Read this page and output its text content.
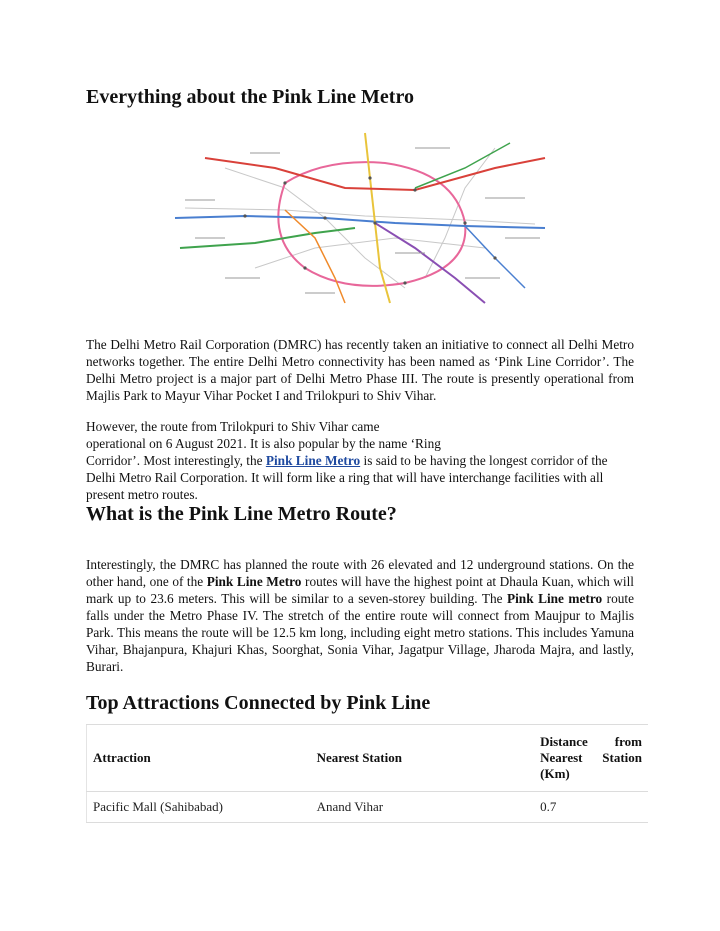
Everything about the Pink Line Metro

The Delhi Metro Rail Corporation (DMRC) has recently taken an initiative to connect all Delhi Metro networks together. The entire Delhi Metro connectivity has been named as ‘Pink Line Corridor’. The Delhi Metro project is a major part of Delhi Metro Phase III. The route is presently operational from Majlis Park to Mayur Vihar Pocket I and Trilokpuri to Shiv Vihar.

However, the route from Trilokpuri to Shiv Vihar came
operational on 6 August 2021. It is also popular by the name ‘Ring
Corridor’. Most interestingly, the Pink Line Metro is said to be having the longest corridor of the Delhi Metro Rail Corporation. It will form like a ring that will have interchange facilities with all present metro routes.

What is the Pink Line Metro Route?

Interestingly, the DMRC has planned the route with 26 elevated and 12 underground stations. On the other hand, one of the Pink Line Metro routes will have the highest point at Dhaula Kuan, which will mark up to 23.6 meters. This will be similar to a seven-storey building. The Pink Line metro route falls under the Metro Phase IV. The stretch of the entire route will connect from Maujpur to Majlis Park. This means the route will be 12.5 km long, including eight metro stations. This includes Yamuna Vihar, Bhajanpura, Khajuri Khas, Soorghat, Sonia Vihar, Jagatpur Village, Jharoda Majra, and lastly, Burari.

Top Attractions Connected by Pink Line
Attraction	Nearest Station	Distance from Nearest Station (Km)
Pacific Mall (Sahibabad)	Anand Vihar	0.7
